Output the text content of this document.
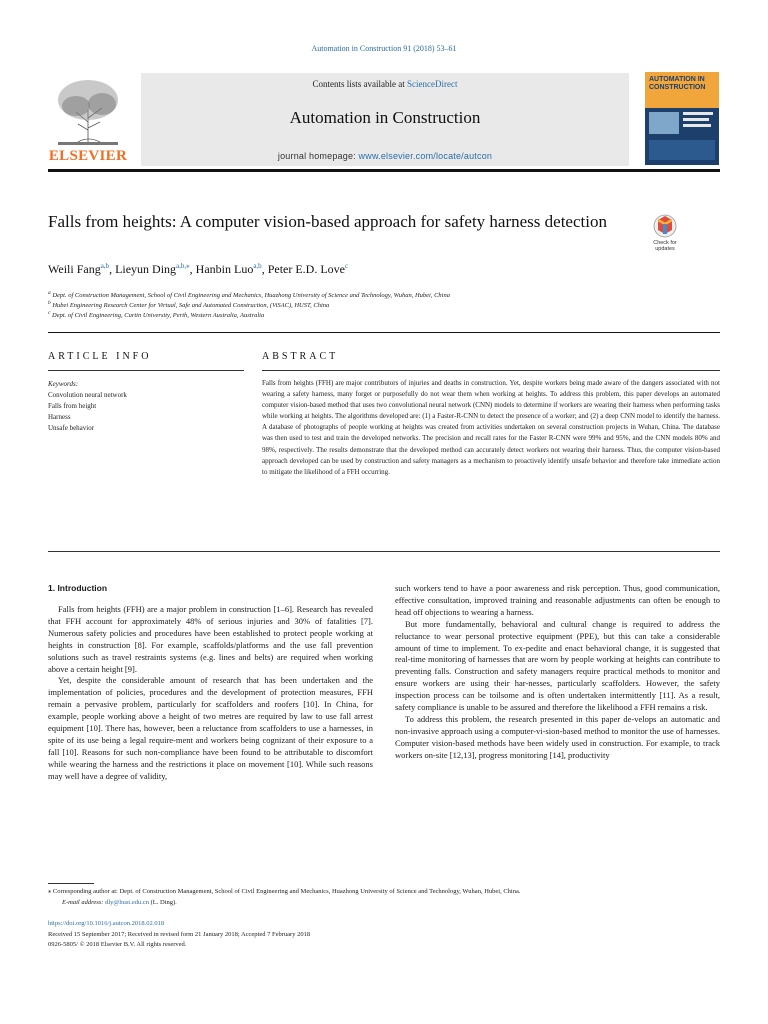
Automation in Construction 91 (2018) 53–61
ELSEVIER
Contents lists available at ScienceDirect
Automation in Construction
journal homepage: www.elsevier.com/locate/autcon
AUTOMATION IN
CONSTRUCTION
Falls from heights: A computer vision-based approach for safety harness detection
Check for
updates
Weili Fang$^{a,b}$, Lieyun Ding$^{a,b,⁎}$, Hanbin Luo$^{a,b}$, Peter E.D. Love$^c$
$^a$ Dept. of Construction Management, School of Civil Engineering and Mechanics, Huazhong University of Science and Technology, Wuhan, Hubei, China
$^b$ Hubei Engineering Research Center for Virtual, Safe and Automated Construction, (ViSAC), HUST, China
$^c$ Dept. of Civil Engineering, Curtin University, Perth, Western Australia, Australia
ARTICLE INFO
Keywords:
Convolution neural network
Falls from height
Harness
Unsafe behavior
ABSTRACT
Falls from heights (FFH) are major contributors of injuries and deaths in construction. Yet, despite workers being made aware of the dangers associated with not wearing a safety harness, many forget or purposefully do not wear them when working at heights. To address this problem, this paper develops an automated computer vision-based method that uses two convolutional neural network (CNN) models to determine if workers are wearing their harness when performing tasks while working at heights. The algorithms developed are: (1) a Faster-R-CNN to detect the presence of a worker; and (2) a deep CNN model to identify the harness. A database of photographs of people working at heights was created from activities undertaken on several construction projects in Wuhan, China. The database was then used to test and train the developed networks. The precision and recall rates for the Faster R-CNN were 99% and 95%, and the CNN models 80% and 98%, respectively. The results demonstrate that the developed method can accurately detect workers not wearing their harness. Thus, the computer vision-based approach developed can be used by construction and safety managers as a mechanism to proactively identify unsafe behavior and therefore take immediate action to mitigate the likelihood of a FFH occurring.
1. Introduction

Falls from heights (FFH) are a major problem in construction [1–6]. Research has revealed that FFH account for approximately 48% of serious injuries and 30% of fatalities [7]. Numerous safety policies and procedures have been established to protect people working at heights in construction [8]. For example, scaffolds/platforms and the use fall prevention solutions such as travel restraints systems (e.g. lines and belts) are required when working above a certain height [9].

Yet, despite the considerable amount of research that has been undertaken and the implementation of policies, procedures and the development of protection measures, FFH remain a pervasive problem, particularly for scaffolders and roofers [10]. In China, for example, people working above a height of two metres are required by law to use fall arrest equipment [10]. There has, however, been a reluctance from scaffolders to use a harnesses, in spite of its use being a legal require-ment and workers being cognizant of their exposure to a fall [10]. Reasons for such non-compliance have been found to be attributable to discomfort while wearing the harness and the restrictions it place on movement [10]. While such reasons may well have a degree of validity,

such workers tend to have a poor awareness and risk perception. Thus, good communication, effective consultation, improved training and reasonable adjustments can often be enough to head off objections to wearing a harness.

But more fundamentally, behavioral and cultural change is required to address the reluctance to wear personal protective equipment (PPE), but this can take a considerable amount of time to implement. To ex-pedite and enact behavioral change, it is suggested that real-time monitoring of harnesses that are worn by people working at heights can contribute to preventing falls. Construction and safety managers require practical methods to monitor and ensure workers are using their har-nesses, particularly scaffolders. However, the safety inspection process can be toilsome and is often undertaken intermittently [11]. As a result, safety compliance is unable to be assured and therefore the likelihood a FFH remains a risk.

To address this problem, the research presented in this paper de-velops an automatic and non-invasive approach using a computer-vi-sion-based method to monitor the use of harnesses. Computer vision-based methods have been widely used in construction. For example, to track workers on-site [12,13], progress monitoring [14], productivity

⁎ Corresponding author at: Dept. of Construction Management, School of Civil Engineering and Mechanics, Huazhong University of Science and Technology, Wuhan, Hubei, China.
E-mail address: dly@hust.edu.cn (L. Ding).
https://doi.org/10.1016/j.autcon.2018.02.018
Received 15 September 2017; Received in revised form 21 January 2018; Accepted 7 February 2018
0926-5805/ © 2018 Elsevier B.V. All rights reserved.
